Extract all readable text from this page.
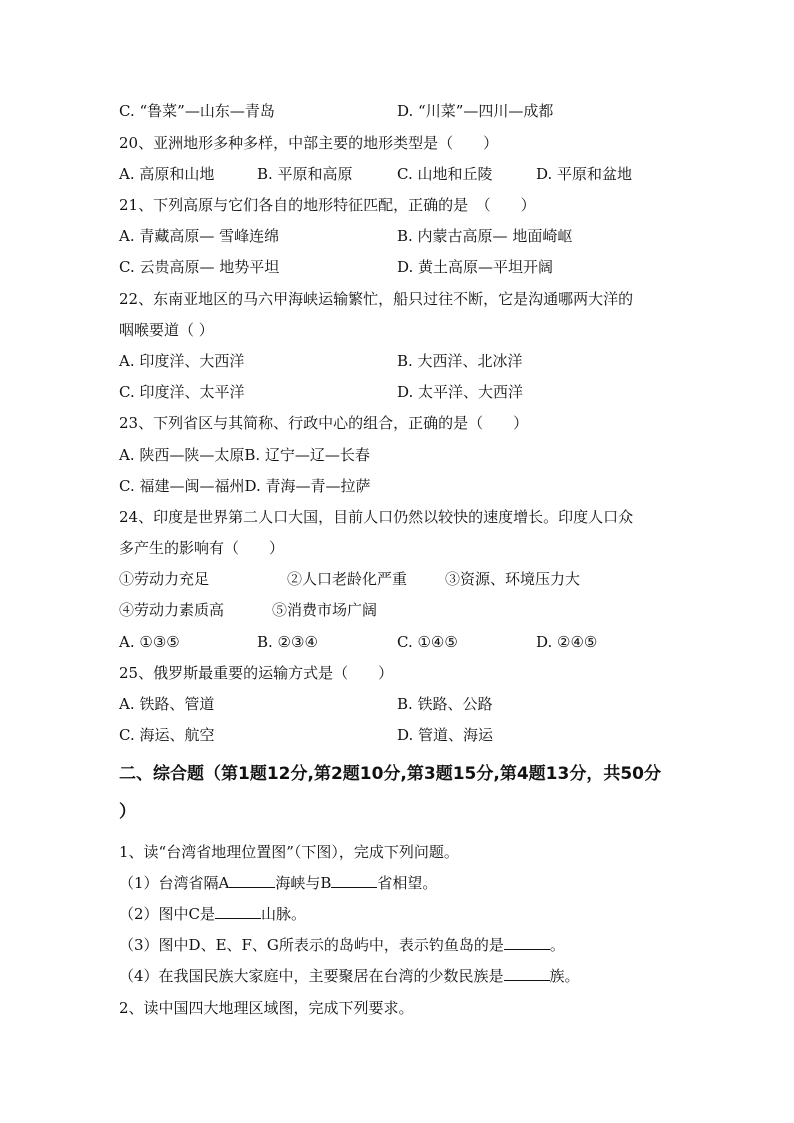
C. “鲁菜”—山东—青岛	D. “川菜”—四川—成都
20、亚洲地形多种多样，中部主要的地形类型是（　　）
A. 高原和山地	B. 平原和高原	C. 山地和丘陵	D. 平原和盆地
21、下列高原与它们各自的地形特征匹配，正确的是　（　　）
A. 青藏高原— 雪峰连绵	B. 内蒙古高原— 地面崎岖
C. 云贵高原— 地势平坦	D. 黄土高原—平坦开阔
22、东南亚地区的马六甲海峡运输繁忙，船只过往不断，它是沟通哪两大洋的
咽喉要道（ ）
A. 印度洋、大西洋	B. 大西洋、北冰洋
C. 印度洋、太平洋	D. 太平洋、大西洋
23、下列省区与其简称、行政中心的组合，正确的是（　　）
A. 陕西—陕—太原B. 辽宁—辽—长春
C. 福建—闽—福州D. 青海—青—拉萨
24、印度是世界第二人口大国，目前人口仍然以较快的速度增长。印度人口众
多产生的影响有（　　）
①劳动力充足	②人口老龄化严重	③资源、环境压力大
④劳动力素质高	⑤消费市场广阔
A. ①③⑤	B. ②③④	C. ①④⑤	D. ②④⑤
25、俄罗斯最重要的运输方式是（　　）
A. 铁路、管道	B. 铁路、公路
C. 海运、航空	D. 管道、海运
二、综合题（第1题12分,第2题10分,第3题15分,第4题13分，共50分
）
1、读“台湾省地理位置图”（下图），完成下列问题。
（1）台湾省隔A	海峡与B	省相望。
（2）图中C是	山脉。
（3）图中D、E、F、G所表示的岛屿中，表示钓鱼岛的是	。
（4）在我国民族大家庭中，主要聚居在台湾的少数民族是	族。
2、读中国四大地理区域图，完成下列要求。
